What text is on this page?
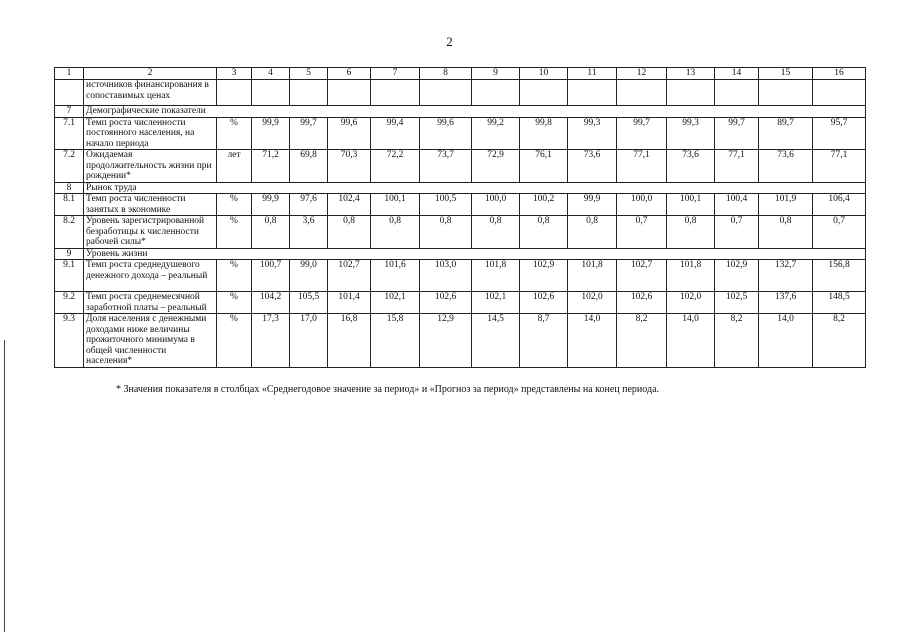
2
1	2	3	4	5	6	7	8	9	10	11	12	13	14	15	16
	источников финансирования в сопоставимых ценах														
7	Демографические показатели														
7.1	Темп роста численности постоянного населения, на начало периода	%	99,9	99,7	99,6	99,4	99,6	99,2	99,8	99,3	99,7	99,3	99,7	89,7	95,7
7.2	Ожидаемая продолжительность жизни при рождении*	лет	71,2	69,8	70,3	72,2	73,7	72,9	76,1	73,6	77,1	73,6	77,1	73,6	77,1
8	Рынок труда														
8.1	Темп роста численности занятых в экономике	%	99,9	97,6	102,4	100,1	100,5	100,0	100,2	99,9	100,0	100,1	100,4	101,9	106,4
8.2	Уровень зарегистрированной безработицы к численности рабочей силы*	%	0,8	3,6	0,8	0,8	0,8	0,8	0,8	0,8	0,7	0,8	0,7	0,8	0,7
9	Уровень жизни														
9.1	Темп роста среднедушевого денежного дохода – реальный	%	100,7	99,0	102,7	101,6	103,0	101,8	102,9	101,8	102,7	101,8	102,9	132,7	156,8
9.2	Темп роста среднемесячной заработной платы – реальный	%	104,2	105,5	101,4	102,1	102,6	102,1	102,6	102,0	102,6	102,0	102,5	137,6	148,5
9.3	Доля населения с денежными доходами ниже величины прожиточного минимума в общей численности населения*	%	17,3	17,0	16,8	15,8	12,9	14,5	8,7	14,0	8,2	14,0	8,2	14,0	8,2
* Значения показателя в столбцах «Среднегодовое значение за период» и «Прогноз за период» представлены на конец периода.
